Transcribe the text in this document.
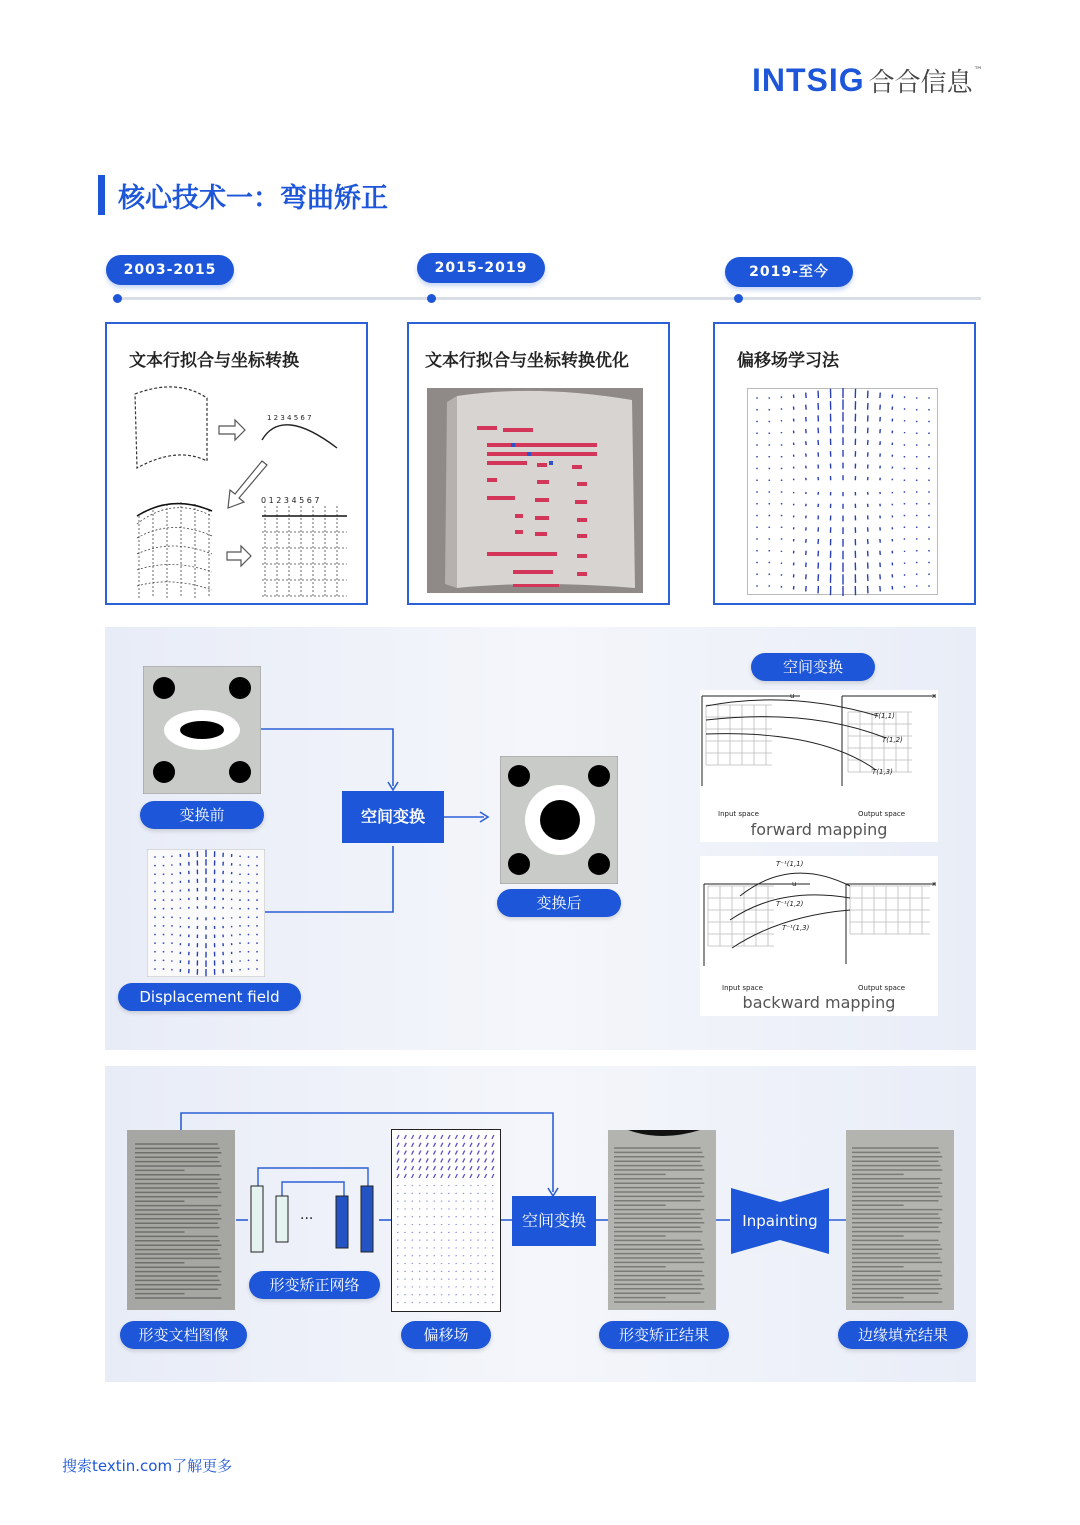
INTSIG 合合信息 ™
核心技术一：弯曲矫正
2003-2015	2015-2019	2019-至今
文本行拟合与坐标转换
1 2 3 4 5 6 7
0 1 2 3 4 5 6 7
文本行拟合与坐标转换优化	偏移场学习法
变换前
Displacement field
空间变换
变换后
空间变换
u	x
T(1,1)
T(1,2)
T(1,3)
Input space	Output space
forward mapping
T⁻¹(1,1)
T⁻¹(1,2)
T⁻¹(1,3)
u	x
Input space	Output space
backward mapping
形变文档图像
···
形变矫正网络
偏移场
空间变换
形变矫正结果
Inpainting
边缘填充结果
搜索textin.com了解更多
